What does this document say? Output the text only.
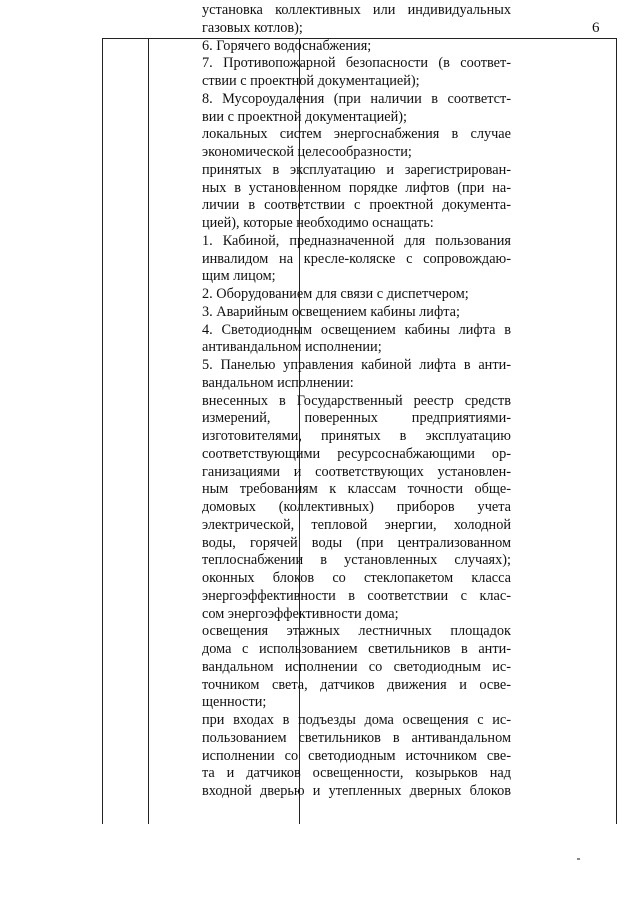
6
установка коллективных или индивидуальных
газовых котлов);
6. Горячего водоснабжения;
7. Противопожарной безопасности (в соответ-
ствии с проектной документацией);
8. Мусороудаления (при наличии в соответст-
вии с проектной документацией);
локальных систем энергоснабжения в случае
экономической целесообразности;
принятых в эксплуатацию и зарегистрирован-
ных в установленном порядке лифтов (при на-
личии в соответствии с проектной документа-
цией), которые необходимо оснащать:
1. Кабиной, предназначенной для пользования
инвалидом на кресле-коляске с сопровождаю-
щим лицом;
2. Оборудованием для связи с диспетчером;
3. Аварийным освещением кабины лифта;
4. Светодиодным освещением кабины лифта в
антивандальном исполнении;
5. Панелью управления кабиной лифта в анти-
вандальном исполнении:
внесенных в Государственный реестр средств
измерений, поверенных предприятиями-
изготовителями, принятых в эксплуатацию
соответствующими ресурсоснабжающими ор-
ганизациями и соответствующих установлен-
ным требованиям к классам точности обще-
домовых (коллективных) приборов учета
электрической, тепловой энергии, холодной
воды, горячей воды (при централизованном
теплоснабжении в установленных случаях);
оконных блоков со стеклопакетом класса
энергоэффективности в соответствии с клас-
сом энергоэффективности дома;
освещения этажных лестничных площадок
дома с использованием светильников в анти-
вандальном исполнении со светодиодным ис-
точником света, датчиков движения и осве-
щенности;
при входах в подъезды дома освещения с ис-
пользованием светильников в антивандальном
исполнении со светодиодным источником све-
та и датчиков освещенности, козырьков над
входной дверью и утепленных дверных блоков
